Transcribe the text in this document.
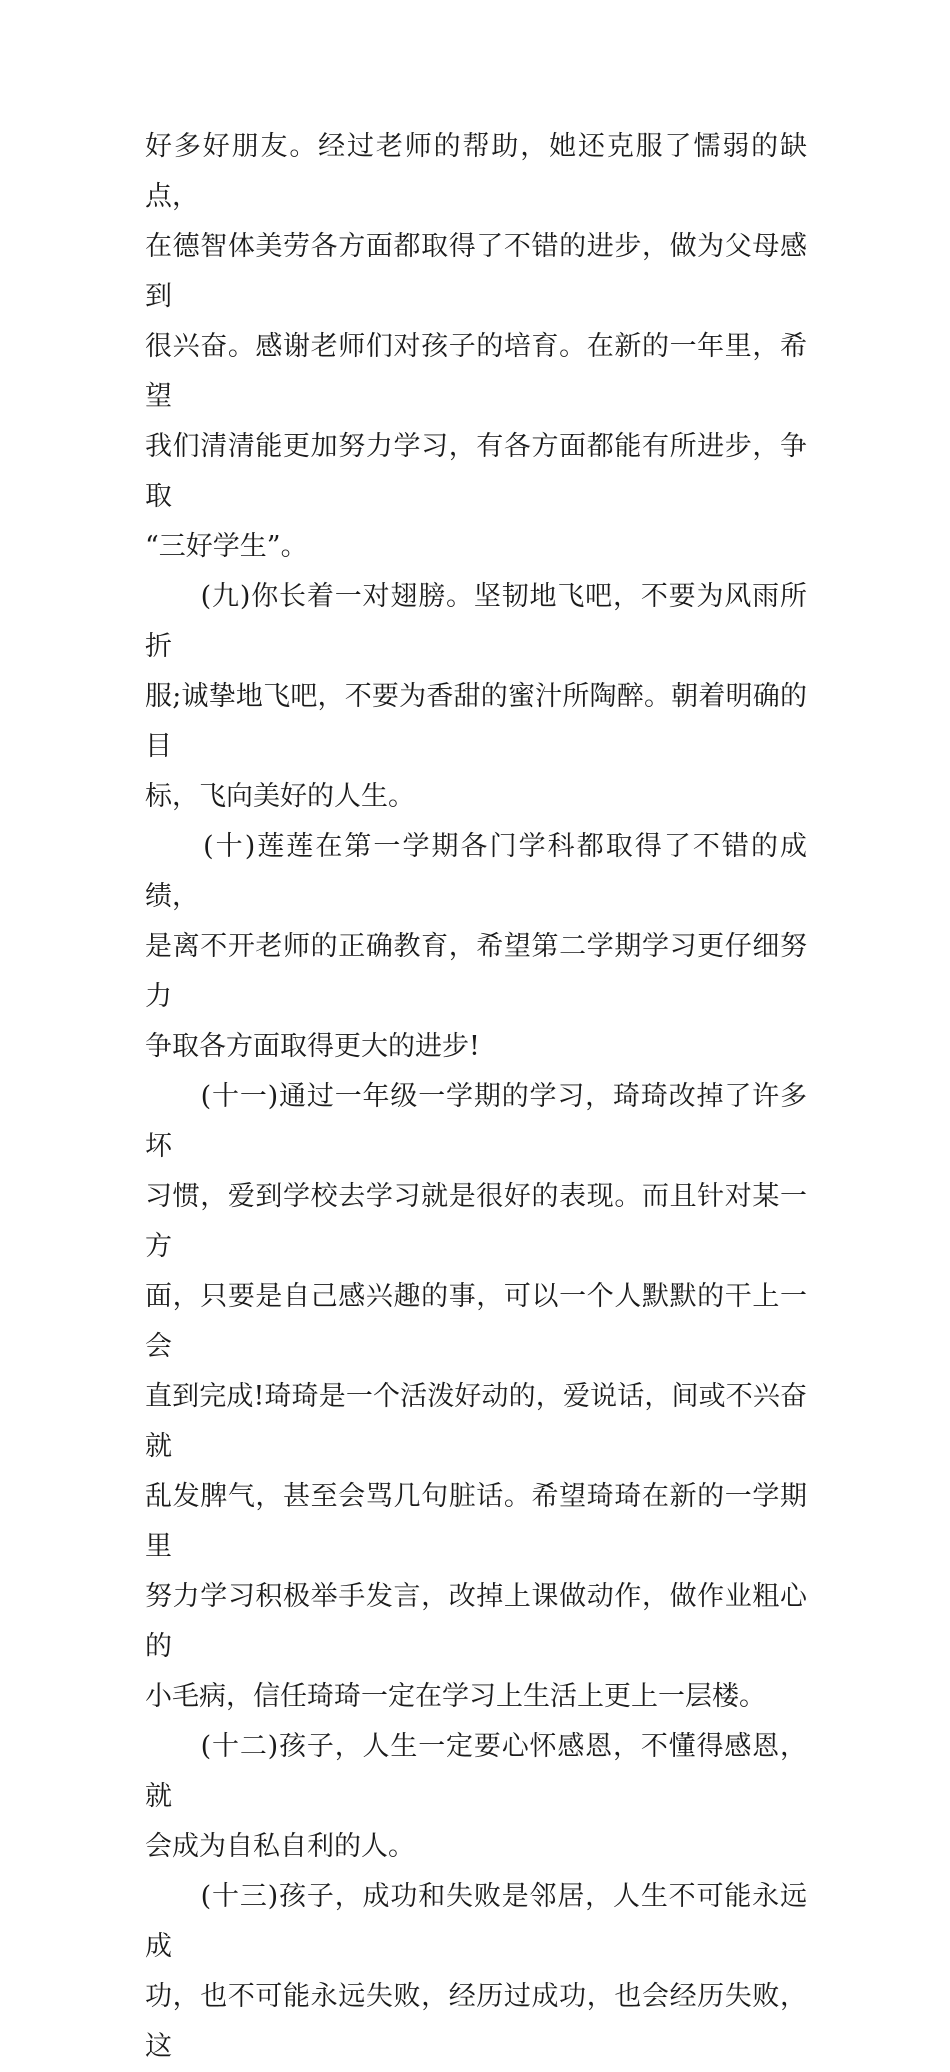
好多好朋友。经过老师的帮助，她还克服了懦弱的缺点，
在德智体美劳各方面都取得了不错的进步，做为父母感到
很兴奋。感谢老师们对孩子的培育。在新的一年里，希望
我们清清能更加努力学习，有各方面都能有所进步，争取
“三好学生”。

　　(九)你长着一对翅膀。坚韧地飞吧，不要为风雨所折
服;诚挚地飞吧，不要为香甜的蜜汁所陶醉。朝着明确的目
标，飞向美好的人生。

　　(十)莲莲在第一学期各门学科都取得了不错的成绩，
是离不开老师的正确教育，希望第二学期学习更仔细努力
争取各方面取得更大的进步!

　　(十一)通过一年级一学期的学习，琦琦改掉了许多坏
习惯，爱到学校去学习就是很好的表现。而且针对某一方
面，只要是自己感兴趣的事，可以一个人默默的干上一会
直到完成!琦琦是一个活泼好动的，爱说话，间或不兴奋就
乱发脾气，甚至会骂几句脏话。希望琦琦在新的一学期里
努力学习积极举手发言，改掉上课做动作，做作业粗心的
小毛病，信任琦琦一定在学习上生活上更上一层楼。

　　(十二)孩子，人生一定要心怀感恩，不懂得感恩，就
会成为自私自利的人。

　　(十三)孩子，成功和失败是邻居，人生不可能永远成
功，也不可能永远失败，经历过成功，也会经历失败，这
